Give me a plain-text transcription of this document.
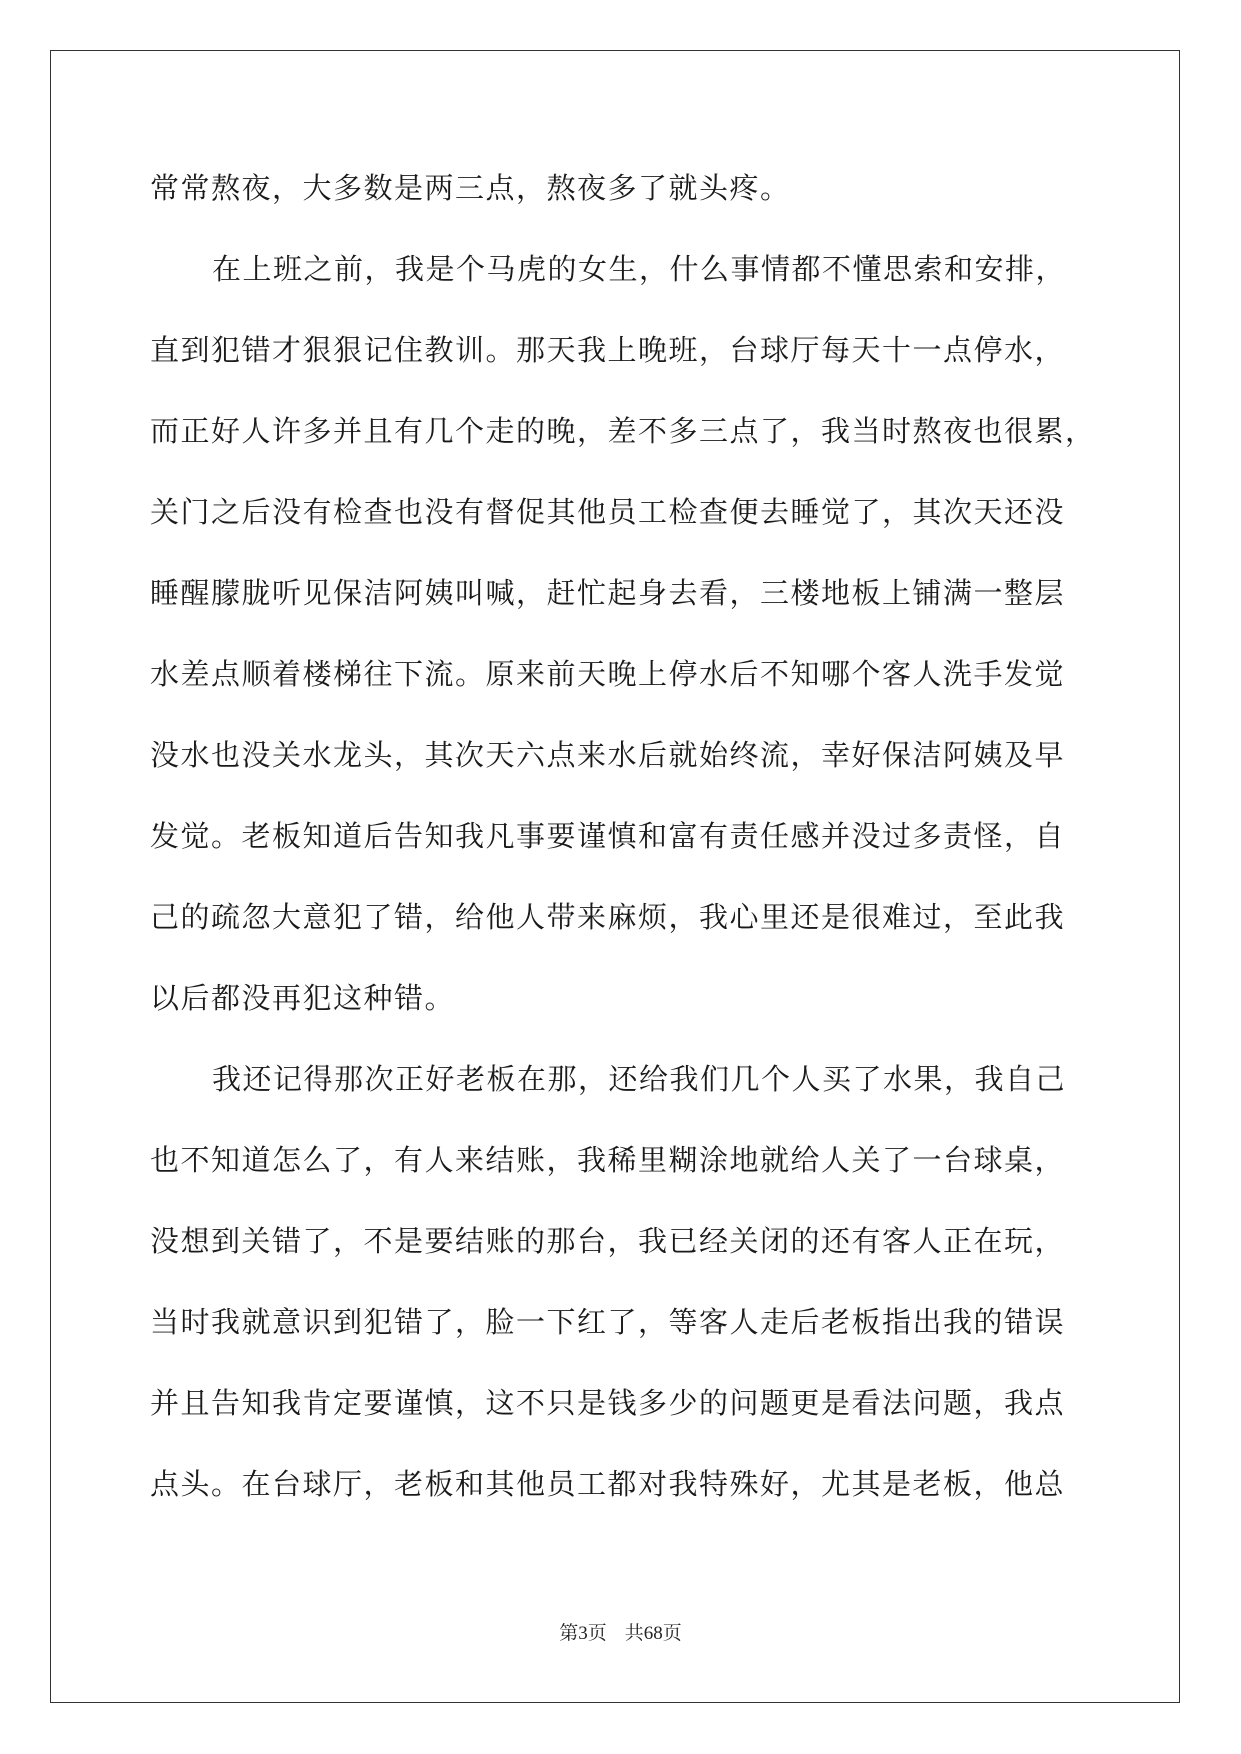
常常熬夜，大多数是两三点，熬夜多了就头疼。
在上班之前，我是个马虎的女生，什么事情都不懂思索和安排，
直到犯错才狠狠记住教训。那天我上晚班，台球厅每天十一点停水，
而正好人许多并且有几个走的晚，差不多三点了，我当时熬夜也很累，
关门之后没有检查也没有督促其他员工检查便去睡觉了，其次天还没
睡醒朦胧听见保洁阿姨叫喊，赶忙起身去看，三楼地板上铺满一整层
水差点顺着楼梯往下流。原来前天晚上停水后不知哪个客人洗手发觉
没水也没关水龙头，其次天六点来水后就始终流，幸好保洁阿姨及早
发觉。老板知道后告知我凡事要谨慎和富有责任感并没过多责怪，自
己的疏忽大意犯了错，给他人带来麻烦，我心里还是很难过，至此我
以后都没再犯这种错。
我还记得那次正好老板在那，还给我们几个人买了水果，我自己
也不知道怎么了，有人来结账，我稀里糊涂地就给人关了一台球桌，
没想到关错了，不是要结账的那台，我已经关闭的还有客人正在玩，
当时我就意识到犯错了，脸一下红了，等客人走后老板指出我的错误
并且告知我肯定要谨慎，这不只是钱多少的问题更是看法问题，我点
点头。在台球厅，老板和其他员工都对我特殊好，尤其是老板，他总
第3页 共68页
